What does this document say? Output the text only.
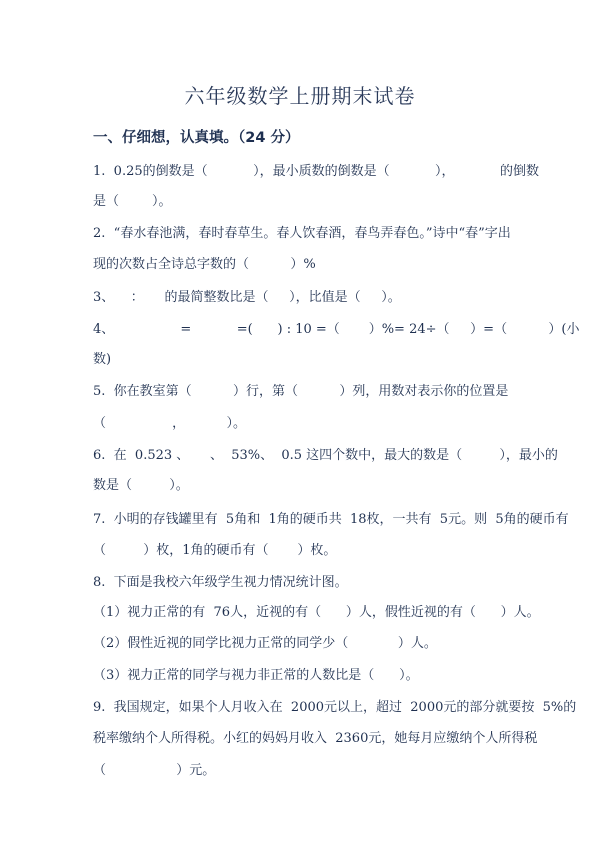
六年级数学上册期末试卷
一、仔细想，认真填。（24 分）
1.  0.25的倒数是（           ），最小质数的倒数是（           ），           的倒数
是（        ）。
2.  “春水春池满，春时春草生。春人饮春酒，春鸟弄春色。”诗中“春”字出
现的次数占全诗总字数的（          ）%
3、    ：     的最简整数比是（     ），比值是（     ）。
4、                =           =(      ) : 10 =（       ）%= 24÷（     ）=（          ）(小
数)
5.  你在教室第（          ）行，第（          ）列，用数对表示你的位置是
（                ，          ）。
6.  在  0.523 、     、  53%、  0.5 这四个数中，最大的数是（         ），最小的
数是（         ）。
7.  小明的存钱罐里有  5角和  1角的硬币共  18枚，一共有  5元。则  5角的硬币有
（         ）枚，1角的硬币有（       ）枚。
8.  下面是我校六年级学生视力情况统计图。
（1）视力正常的有  76人，近视的有（      ）人，假性近视的有（      ）人。
（2）假性近视的同学比视力正常的同学少（            ）人。
（3）视力正常的同学与视力非正常的人数比是（      ）。
9.  我国规定，如果个人月收入在  2000元以上，超过  2000元的部分就要按  5%的
税率缴纳个人所得税。小红的妈妈月收入  2360元，她每月应缴纳个人所得税
（                 ）元。
